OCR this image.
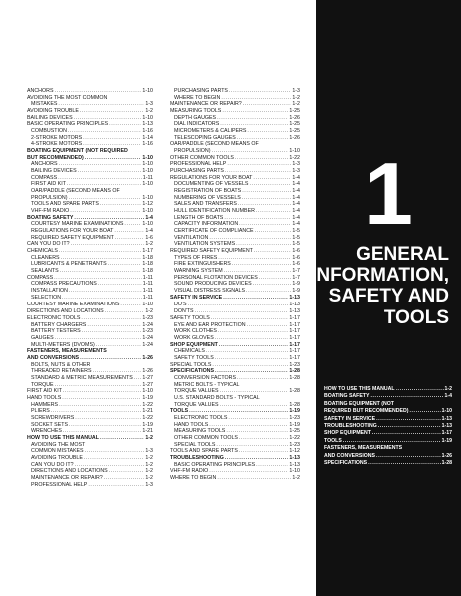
ANCHORS .....	1-10
AVOIDING THE MOST COMMON
MISTAKES .....	1-3
AVOIDING TROUBLE .....	1-2
BAILING DEVICES .....	1-10
BASIC OPERATING PRINCIPLES .....	1-13
COMBUSTION .....	1-16
2-STROKE MOTORS .....	1-14
4-STROKE MOTORS .....	1-16
BOATING EQUIPMENT (NOT REQUIRED
BUT RECOMMENDED) .....	1-10
ANCHORS .....	1-10
BAILING DEVICES .....	1-10
COMPASS .....	1-11
FIRST AID KIT .....	1-10
OAR/PADDLE (SECOND MEANS OF
PROPULSION) .....	1-10
TOOLS AND SPARE PARTS .....	1-12
VHF-FM RADIO .....	1-10
BOATING SAFETY .....	1-4
COURTESY MARINE EXAMINATIONS .....	1-10
REGULATIONS FOR YOUR BOAT .....	1-4
REQUIRED SAFETY EQUIPMENT .....	1-6
CAN YOU DO IT? .....	1-2
CHEMICALS .....	1-17
CLEANERS .....	1-18
LUBRICANTS & PENETRANTS .....	1-18
SEALANTS .....	1-18
COMPASS .....	1-11
COMPASS PRECAUTIONS .....	1-11
INSTALLATION .....	1-11
SELECTION .....	1-11
COURTESY MARINE EXAMINATIONS .....	1-10
DIRECTIONS AND LOCATIONS .....	1-2
ELECTRONIC TOOLS .....	1-23
BATTERY CHARGERS .....	1-24
BATTERY TESTERS .....	1-23
GAUGES .....	1-24
MULTI-METERS (DVOMS) .....	1-24
FASTENERS, MEASUREMENTS
AND CONVERSIONS .....	1-26
BOLTS, NUTS & OTHER
THREADED RETAINERS .....	1-26
STANDARD & METRIC MEASUREMENTS ..... 1-27
TORQUE .....	1-27
FIRST AID KIT .....	1-10
HAND TOOLS .....	1-19
HAMMERS .....	1-22
PLIERS .....	1-21
SCREWDRIVERS .....	1-22
SOCKET SETS .....	1-19
WRENCHES .....	1-21
HOW TO USE THIS MANUAL .....	1-2
AVOIDING THE MOST
COMMON MISTAKES .....	1-3
AVOIDING TROUBLE .....	1-2
CAN YOU DO IT? .....	1-2
DIRECTIONS AND LOCATIONS .....	1-2
MAINTENANCE OR REPAIR? .....	1-2
PROFESSIONAL HELP .....	1-3
PURCHASING PARTS .....	1-3
WHERE TO BEGIN .....	1-2
MAINTENANCE OR REPAIR? .....	1-2
MEASURING TOOLS .....	1-25
DEPTH GAUGES .....	1-26
DIAL INDICATORS .....	1-25
MICROMETERS & CALIPERS .....	1-25
TELESCOPING GAUGES .....	1-26
OAR/PADDLE (SECOND MEANS OF
PROPULSION) .....	1-10
OTHER COMMON TOOLS .....	1-22
PROFESSIONAL HELP .....	1-3
PURCHASING PARTS .....	1-3
REGULATIONS FOR YOUR BOAT .....	1-4
DOCUMENTING OF VESSELS .....	1-4
REGISTRATION OF BOATS .....	1-4
NUMBERING OF VESSELS .....	1-4
SALES AND TRANSFERS .....	1-4
HULL IDENTIFICATION NUMBER .....	1-4
LENGTH OF BOATS .....	1-4
CAPACITY INFORMATION .....	1-4
CERTIFICATE OF COMPLIANCE .....	1-5
VENTILATION .....	1-5
VENTILATION SYSTEMS .....	1-5
REQUIRED SAFETY EQUIPMENT .....	1-6
TYPES OF FIRES .....	1-6
FIRE EXTINGUISHERS .....	1-6
WARNING SYSTEM .....	1-7
PERSONAL FLOTATION DEVICES .....	1-7
SOUND PRODUCING DEVICES .....	1-9
VISUAL DISTRESS SIGNALS .....	1-9
SAFETY IN SERVICE .....	1-13
DO'S .....	1-13
DON'TS .....	1-13
SAFETY TOOLS .....	1-17
EYE AND EAR PROTECTION .....	1-17
WORK CLOTHES .....	1-17
WORK GLOVES .....	1-17
SHOP EQUIPMENT .....	1-17
CHEMICALS .....	1-17
SAFETY TOOLS .....	1-17
SPECIAL TOOLS .....	1-23
SPECIFICATIONS .....	1-28
CONVERSION FACTORS .....	1-28
METRIC BOLTS - TYPICAL
TORQUE VALUES .....	1-28
U.S. STANDARD BOLTS - TYPICAL
TORQUE VALUES .....	1-28
TOOLS .....	1-19
ELECTRONIC TOOLS .....	1-23
HAND TOOLS .....	1-19
MEASURING TOOLS .....	1-25
OTHER COMMON TOOLS .....	1-22
SPECIAL TOOLS .....	1-23
TOOLS AND SPARE PARTS .....	1-12
TROUBLESHOOTING .....	1-13
BASIC OPERATING PRINCIPLES .....	1-13
VHF-FM RADIO .....	1-10
WHERE TO BEGIN .....	1-2
1
GENERAL
INFORMATION,
SAFETY AND
TOOLS
HOW TO USE THIS MANUAL .....	1-2
BOATING SAFETY .....	1-4
BOATING EQUIPMENT (NOT
REQUIRED BUT RECOMMENDED) .....	1-10
SAFETY IN SERVICE .....	1-13
TROUBLESHOOTING .....	1-13
SHOP EQUIPMENT .....	1-17
TOOLS .....	1-19
FASTENERS, MEASUREMENTS
AND CONVERSIONS .....	1-26
SPECIFICATIONS .....	1-28
